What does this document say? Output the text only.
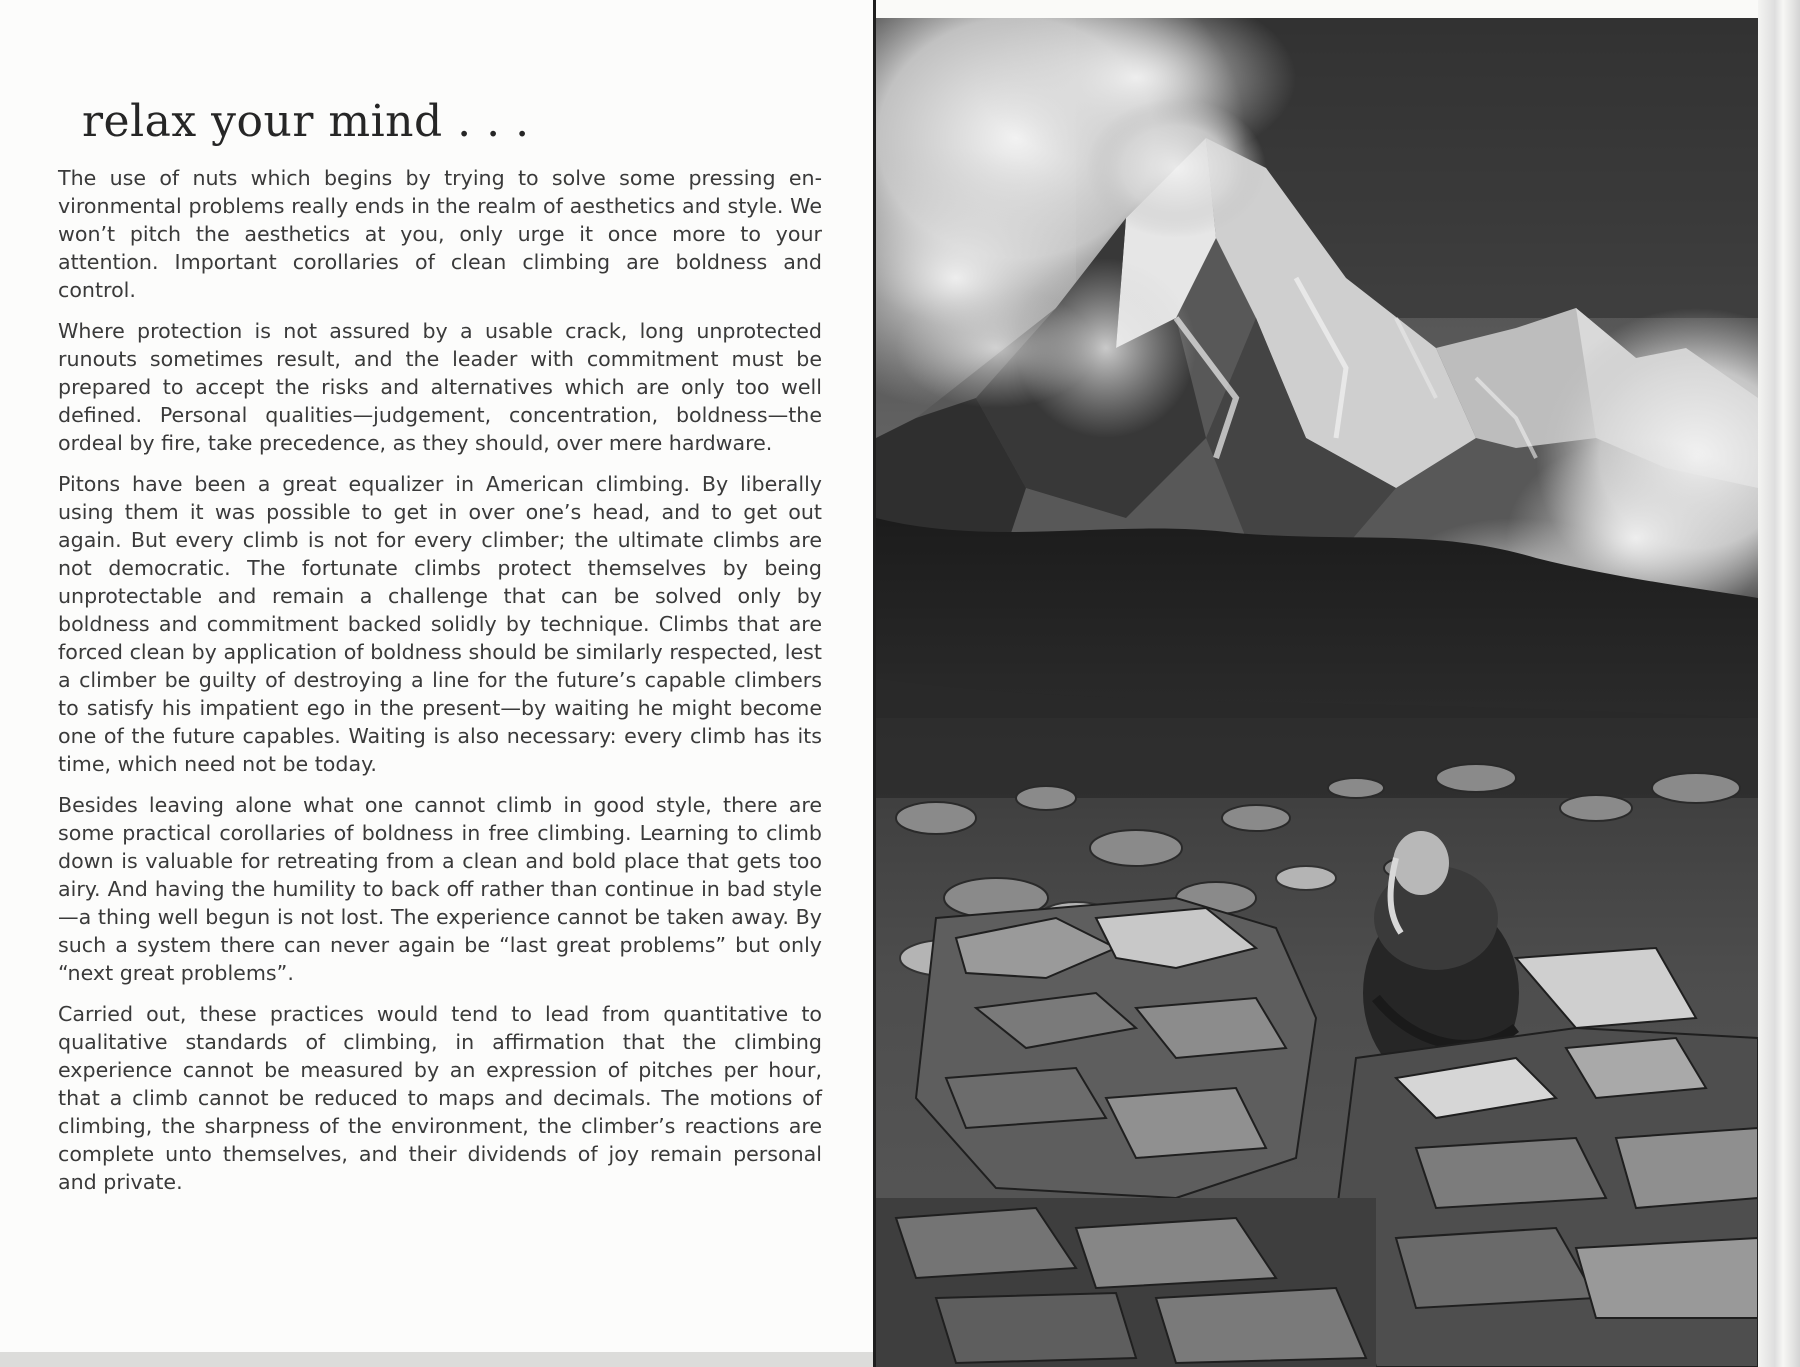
relax your mind . . .

The use of nuts which begins by trying to solve some pressing environmental problems really ends in the realm of aesthetics and style. We won’t pitch the aesthetics at you, only urge it once more to your attention. Important corollaries of clean climbing are boldness and control.

Where protection is not assured by a usable crack, long unprotected runouts sometimes result, and the leader with commitment must be prepared to accept the risks and alternatives which are only too well defined. Personal qualities—judgement, concentration, boldness—the ordeal by fire, take precedence, as they should, over mere hardware.

Pitons have been a great equalizer in American climbing. By liberally using them it was possible to get in over one’s head, and to get out again. But every climb is not for every climber; the ultimate climbs are not democratic. The fortunate climbs protect themselves by being unprotectable and remain a challenge that can be solved only by boldness and commitment backed solidly by technique. Climbs that are forced clean by application of boldness should be similarly respected, lest a climber be guilty of destroying a line for the future’s capable climbers to satisfy his impatient ego in the present—by waiting he might become one of the future capables. Waiting is also necessary: every climb has its time, which need not be today.

Besides leaving alone what one cannot climb in good style, there are some practical corollaries of boldness in free climbing. Learning to climb down is valuable for retreating from a clean and bold place that gets too airy. And having the humility to back off rather than continue in bad style—a thing well begun is not lost. The experience cannot be taken away. By such a system there can never again be “last great problems” but only “next great problems”.

Carried out, these practices would tend to lead from quantitative to qualitative standards of climbing, in affirmation that the climbing experience cannot be measured by an expression of pitches per hour, that a climb cannot be reduced to maps and decimals. The motions of climbing, the sharpness of the environment, the climber’s reactions are complete unto themselves, and their dividends of joy remain personal and private.
